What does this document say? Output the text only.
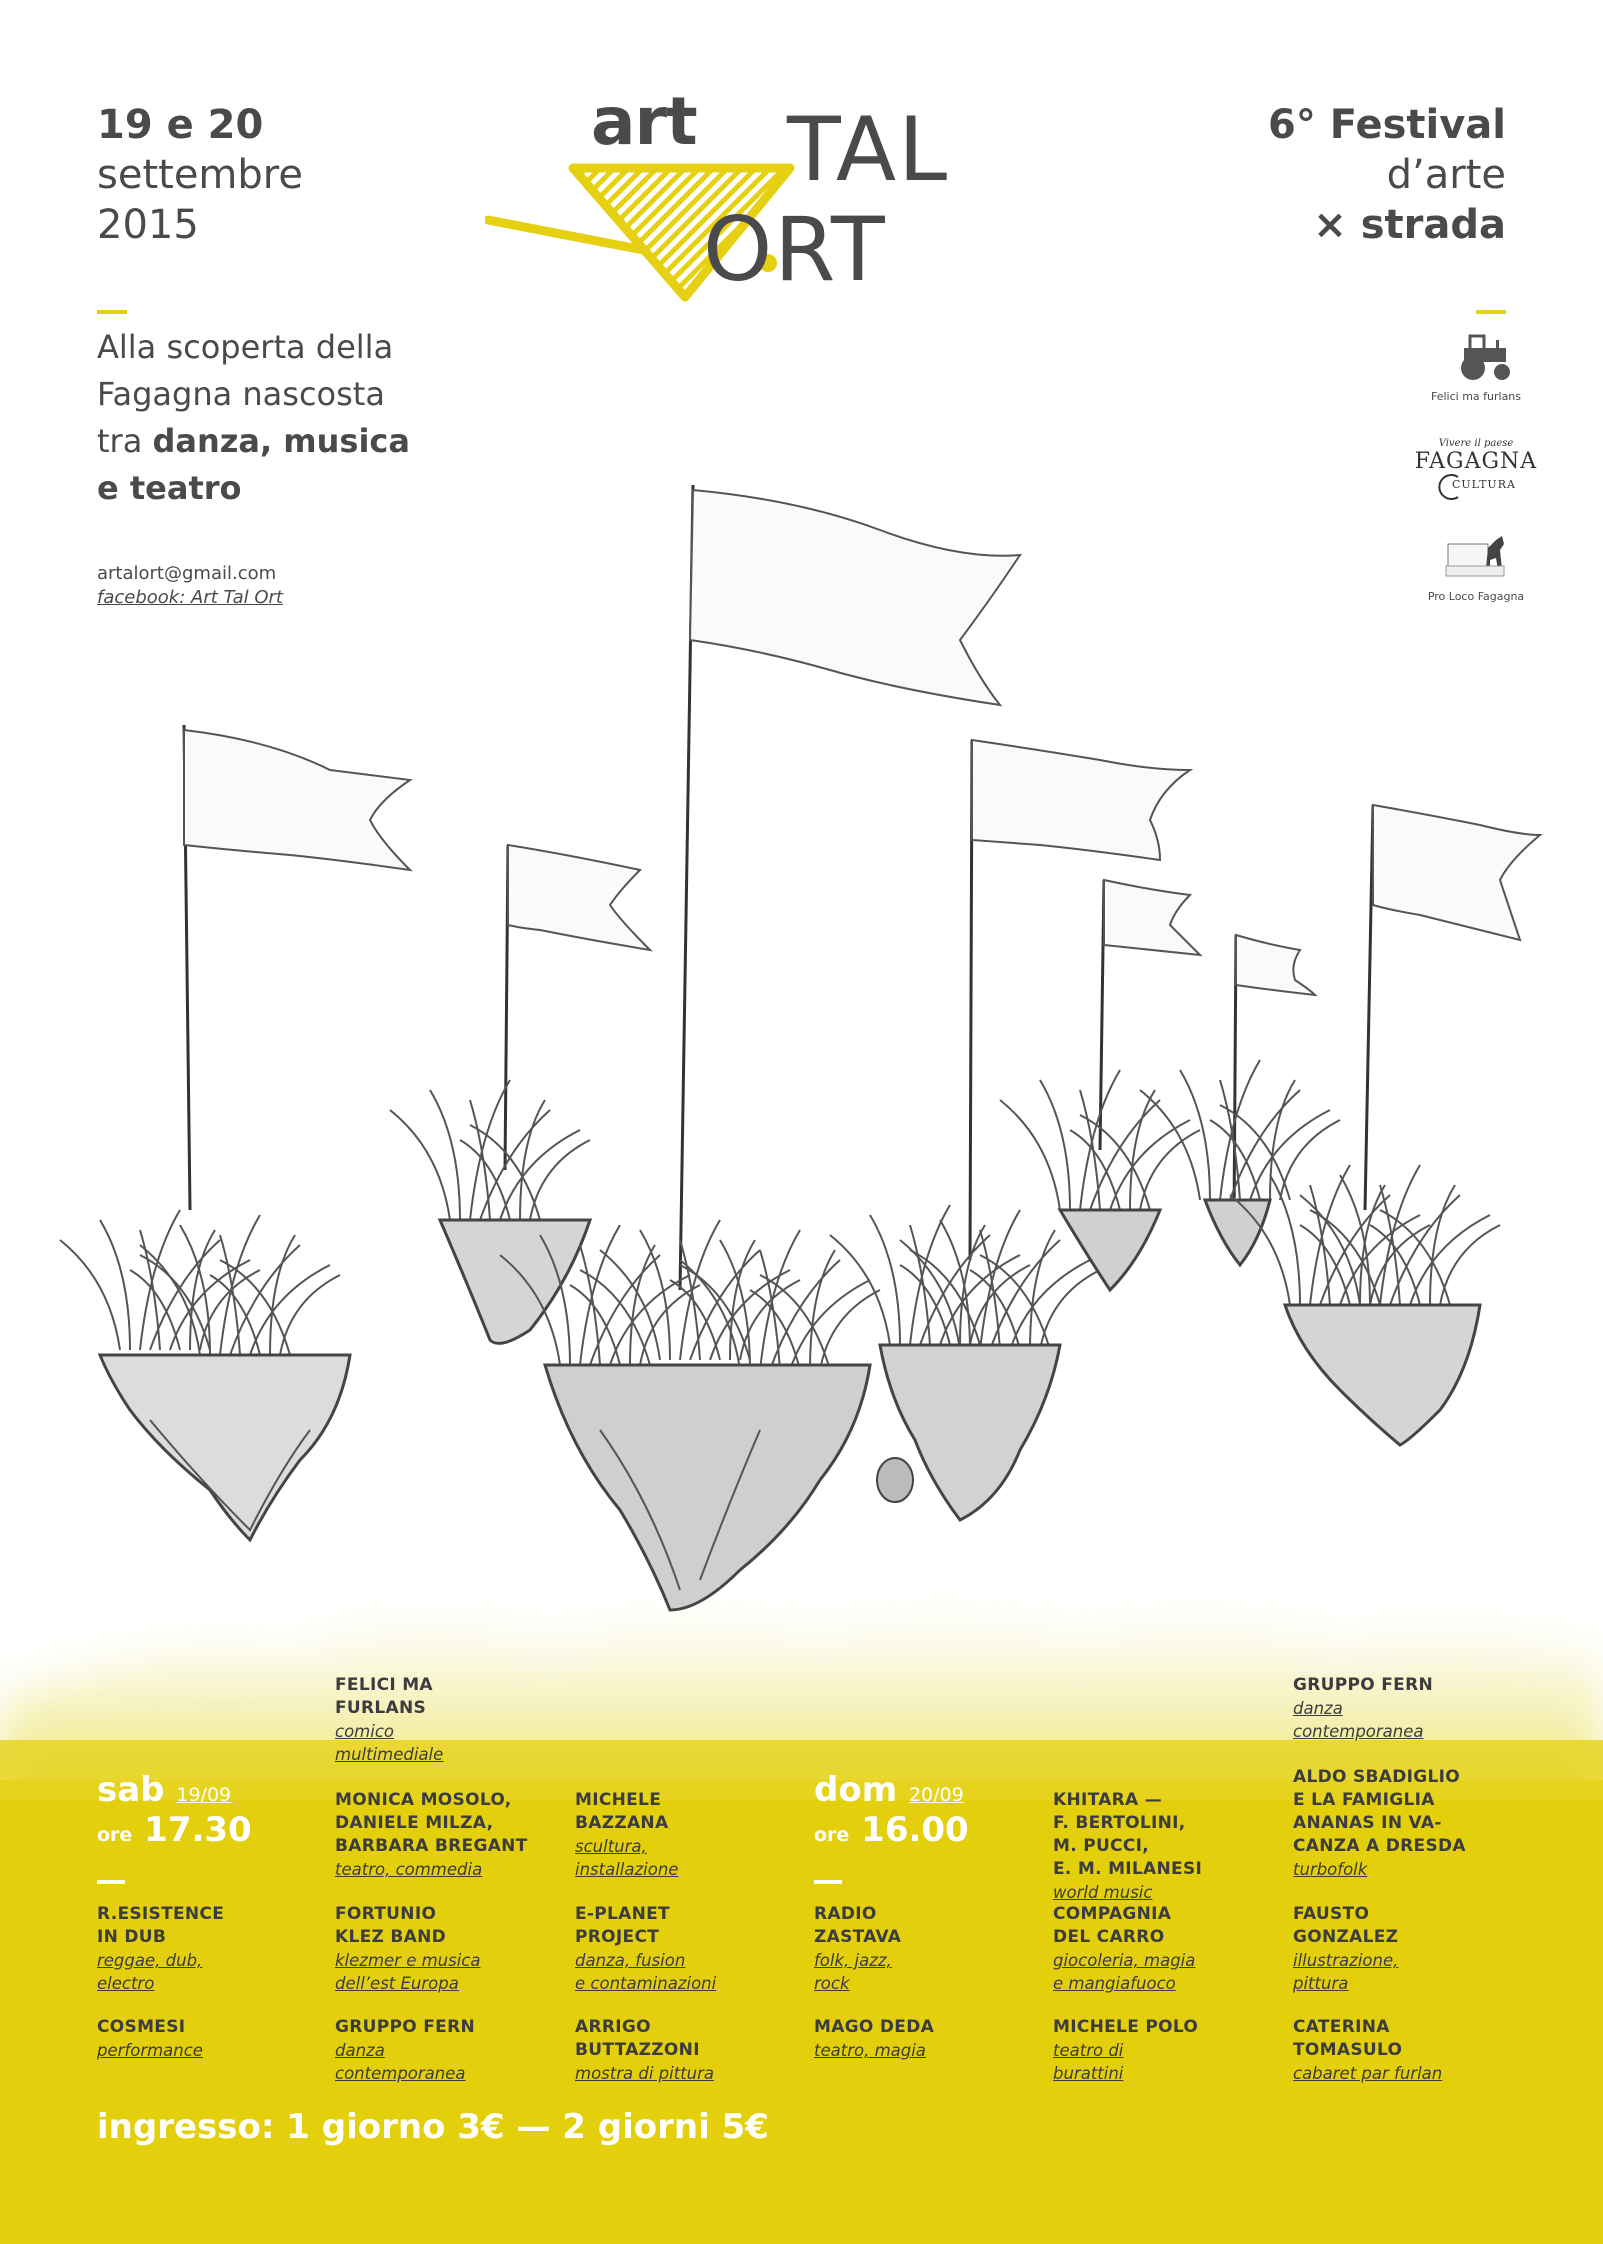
19 e 20
settembre
2015
6° Festival
d’arte
× strada
art TAL
ORT
Alla scoperta della
Fagagna nascosta
tra danza, musica
e teatro
artalort@gmail.com
facebook: Art Tal Ort
Felici ma furlans
Vivere il paese
FAGAGNA
CULTURA
Pro Loco Fagagna
sab 19/09
ore 17.30
dom 20/09
ore 16.00
FELICI MA
FURLANS
comico
multimediale
MONICA MOSOLO,
DANIELE MILZA,
BARBARA BREGANT
teatro, commedia
MICHELE
BAZZANA
scultura,
installazione
R.ESISTENCE
IN DUB
reggae, dub,
electro
FORTUNIO
KLEZ BAND
klezmer e musica
dell’est Europa
E-PLANET
PROJECT
danza, fusion
e contaminazioni
COSMESI
performance
GRUPPO FERN
danza
contemporanea
ARRIGO
BUTTAZZONI
mostra di pittura
GRUPPO FERN
danza
contemporanea
KHITARA —
F. BERTOLINI,
M. PUCCI,
E. M. MILANESI
world music
ALDO SBADIGLIO
E LA FAMIGLIA
ANANAS IN VA-
CANZA A DRESDA
turbofolk
RADIO
ZASTAVA
folk, jazz,
rock
COMPAGNIA
DEL CARRO
giocoleria, magia
e mangiafuoco
FAUSTO
GONZALEZ
illustrazione,
pittura
MAGO DEDA
teatro, magia
MICHELE POLO
teatro di
burattini
CATERINA
TOMASULO
cabaret par furlan
ingresso: 1 giorno 3€ — 2 giorni 5€
